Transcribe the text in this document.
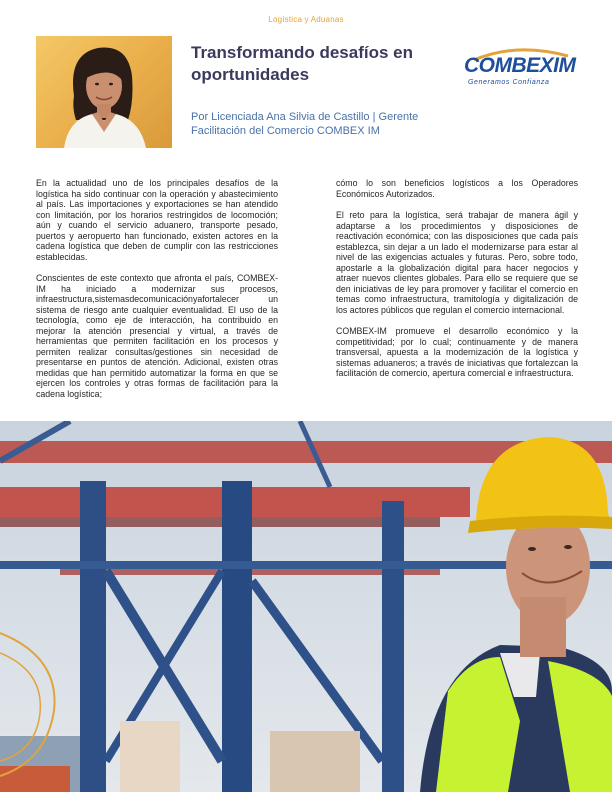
Logística y Aduanas
Transformando desafíos en oportunidades

Por Licenciada Ana Silvia de Castillo | Gerente Facilitación del Comercio COMBEX IM

COMBEXIM
Generamos Confianza

En la actualidad uno de los principales desafíos de la logística ha sido continuar con la operación y abastecimiento al país. Las importaciones y exportaciones se han atendido con limitación, por los horarios restringidos de locomoción; aún y cuando el servicio aduanero, transporte pesado, puertos y aeropuerto han funcionado, existen actores en la cadena logística que deben de cumplir con las restricciones establecidas.

Conscientes de este contexto que afronta el país, COMBEX-IM ha iniciado a modernizar sus procesos, infraestructura,sistemasdecomunicaciónyafortalecer un sistema de riesgo ante cualquier eventualidad. El uso de la tecnología, como eje de interacción, ha contribuido en mejorar la atención presencial y virtual, a través de herramientas que permiten facilitación en los procesos y permiten realizar consultas/gestiones sin necesidad de presentarse en puntos de atención. Adicional, existen otras medidas que han permitido automatizar la forma en que se ejercen los controles y otras formas de facilitación para la cadena logística;

cómo lo son beneficios logísticos a los Operadores Económicos Autorizados.

El reto para la logística, será trabajar de manera ágil y adaptarse a los procedimientos y disposiciones de reactivación económica; con las disposiciones que cada país establezca, sin dejar a un lado el modernizarse para estar al nivel de las exigencias actuales y futuras. Pero, sobre todo, apostarle a la globalización digital para hacer negocios y atraer nuevos clientes globales. Para ello se requiere que se den iniciativas de ley para promover y facilitar el comercio en temas como infraestructura, tramitología y digitalización de los actores públicos que regulan el comercio internacional.

COMBEX-IM promueve el desarrollo económico y la competitividad; por lo cual; continuamente y de manera transversal, apuesta a la modernización de la logística y sistemas aduaneros; a través de iniciativas que fortalezcan la facilitación de comercio, apertura comercial e infraestructura.
